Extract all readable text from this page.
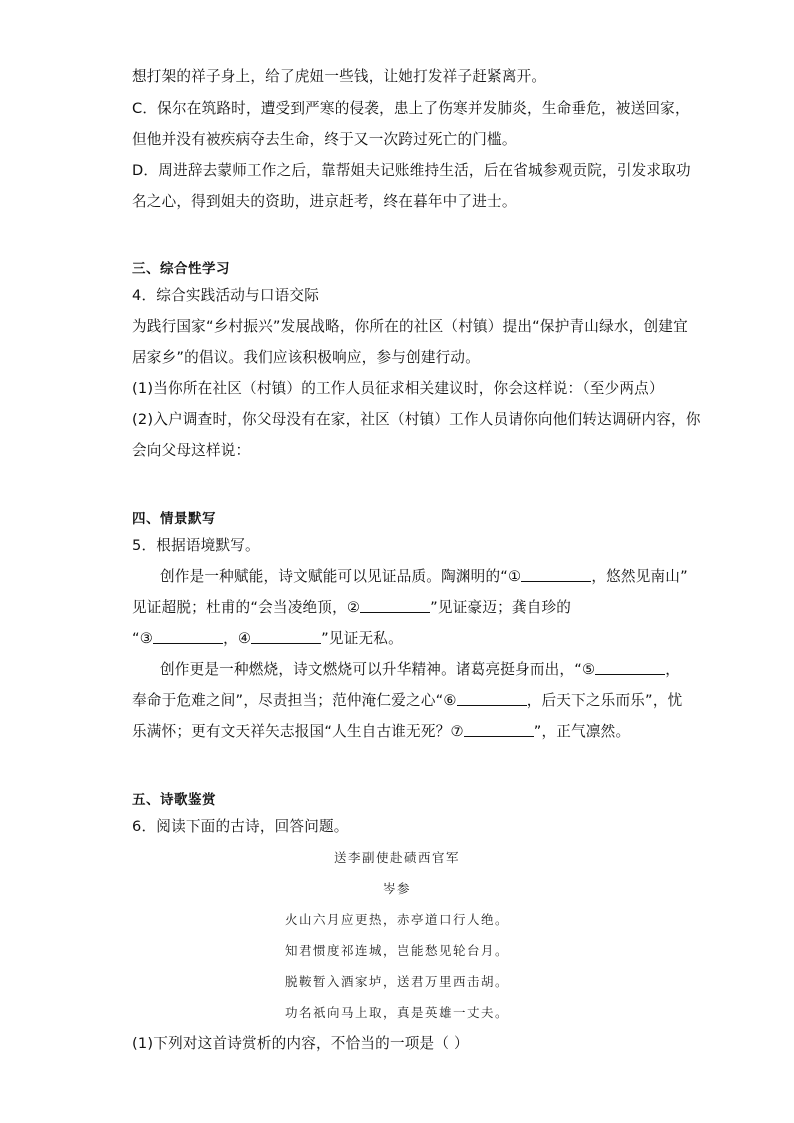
想打架的祥子身上，给了虎妞一些钱，让她打发祥子赶紧离开。
C．保尔在筑路时，遭受到严寒的侵袭，患上了伤寒并发肺炎，生命垂危，被送回家，
但他并没有被疾病夺去生命，终于又一次跨过死亡的门槛。
D．周进辞去蒙师工作之后，靠帮姐夫记账维持生活，后在省城参观贡院，引发求取功
名之心，得到姐夫的资助，进京赶考，终在暮年中了进士。
三、综合性学习
4．综合实践活动与口语交际
为践行国家“乡村振兴”发展战略，你所在的社区（村镇）提出“保护青山绿水，创建宜
居家乡”的倡议。我们应该积极响应，参与创建行动。
(1)当你所在社区（村镇）的工作人员征求相关建议时，你会这样说：（至少两点）
(2)入户调查时，你父母没有在家，社区（村镇）工作人员请你向他们转达调研内容，你
会向父母这样说：
四、情景默写
5．根据语境默写。
创作是一种赋能，诗文赋能可以见证品质。陶渊明的“①	，悠然见南山”
见证超脱；杜甫的“会当凌绝顶，②	”见证豪迈；龚自珍的
“③	，④	”见证无私。
创作更是一种燃烧，诗文燃烧可以升华精神。诸葛亮挺身而出，“⑤	，
奉命于危难之间”，尽责担当；范仲淹仁爱之心“⑥	，后天下之乐而乐”，忧
乐满怀；更有文天祥矢志报国“人生自古谁无死？⑦	”，正气凛然。
五、诗歌鉴赏
6．阅读下面的古诗，回答问题。
送李副使赴碛西官军
岑参
火山六月应更热，赤亭道口行人绝。
知君惯度祁连城，岂能愁见轮台月。
脱鞍暂入酒家垆，送君万里西击胡。
功名祇向马上取，真是英雄一丈夫。
(1)下列对这首诗赏析的内容，不恰当的一项是（ ）
